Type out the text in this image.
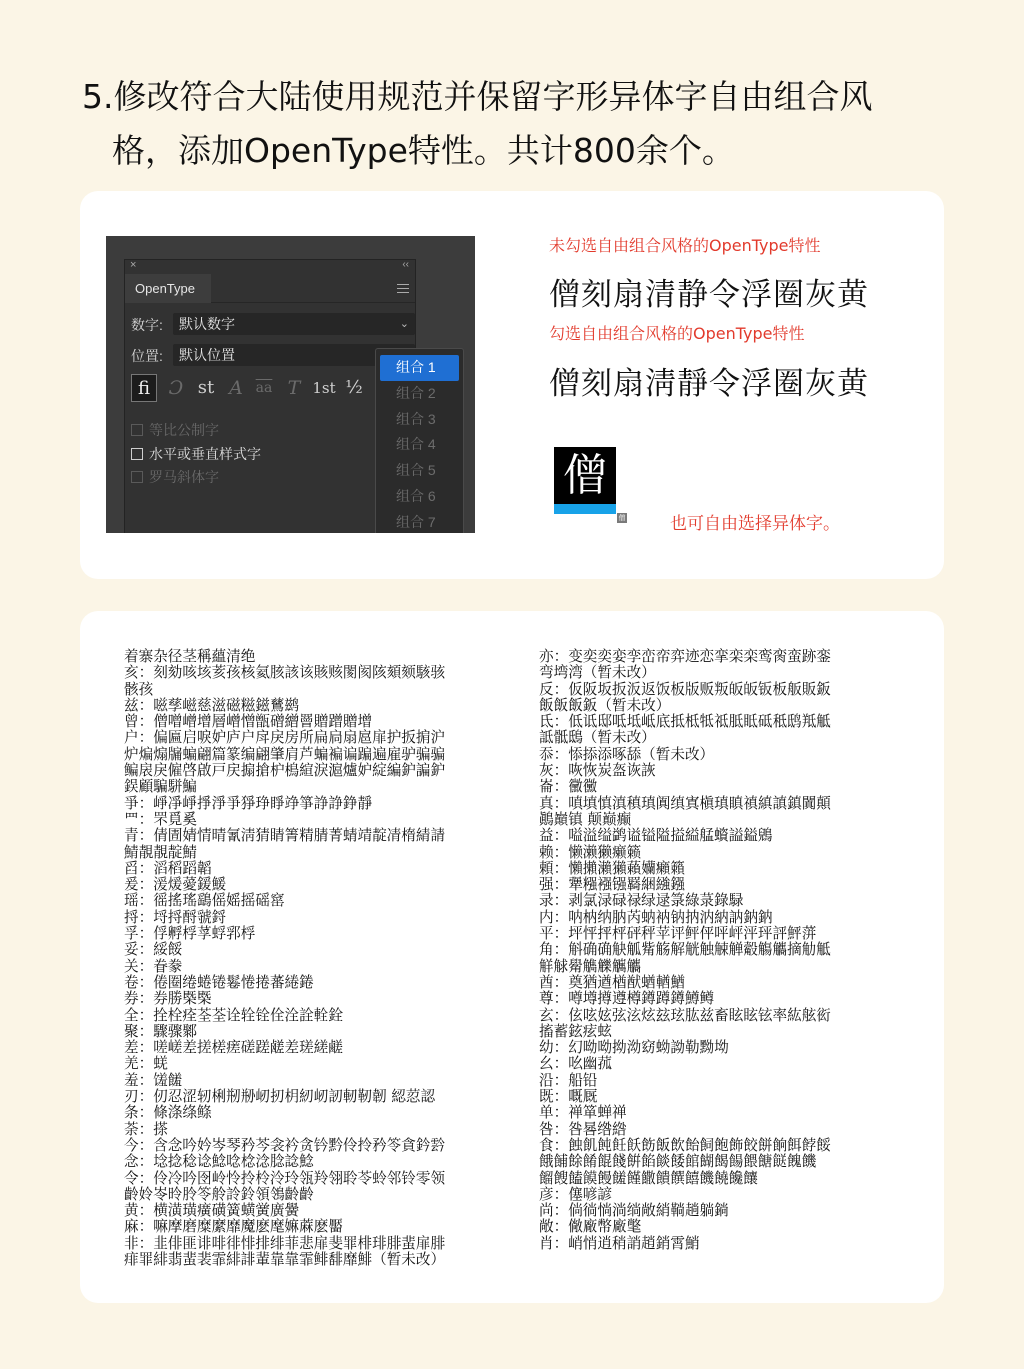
5.修改符合大陆使用规范并保留字形异体字自由组合风
格，添加OpenType特性。共计800余个。
×	‹‹
OpenType
数字:	默认数字	⌄
位置:	默认位置
ﬁ Ɔ st A $\overline{aa}$ T 1st ½
等比公制字
水平或垂直样式字
罗马斜体字
组合 1
组合 2
组合 3
组合 4
组合 5
组合 6
组合 7
未勾选自由组合风格的OpenType特性
僧刻扇清静令浮圈灰黄
勾选自由组合风格的OpenType特性
僧刻扇淸靜令浮圈灰黄
僧
僧	也可自由选择异体字。

着寨杂径茎稱蘊清绝

亥：刻劾咳垓荄孩核氦胲該该賅赅閡阂陔頦颏駭骇

骸孩

兹：嗞孳嵫慈滋磁糍鎡鶿鹚

曾：僧噌嶒增層嶒憎甑磳繒罾贈蹭贈增

户：偏匾启唳妒庐户戽戾房所扁扃扇扈扉护扳掮沪

炉煸煽牖蝙翩篇篆编翩肇肩芦蝙褊谝蹁遍雇驴骗骗

鳊扆戾僱啓啟戸戻搧搶枦樢縇淚滬爐妒綻編鈩諞鈩

鋘顧騙駢鯿

爭：崢凈崢掙淨爭猙琤睜竫箏諍諍錚靜

罒：罘覓奚

青：倩圊婧情晴氰淸猜睛箐精腈菁蜻靖靛凊楕綪請

鯖靚靚靛鯖

舀：滔稻蹈韜

爰：湲煖薆鍰鰀

瑶：徭搖瑤鷂傜媱摇磘窰

捋：埒捋酹虢鋝

孚：俘孵桴莩蜉郛桴

妥：綏餒

关：眷豢

卷：倦圈绻蜷锩鬈惓捲蕃綣錈

券：券勝㮣㮣

全：拴栓痊荃荃诠辁铨佺洤詮輇銓

聚：驟骤鄹

差：嗟嵯差搓槎瘥磋蹉鹾差瑳縒鹺

羌：蜣

羞：馐饈

刃：仞忍涩轫梸剏剙屻扨枂紉屻訒軔靭韌 綛荵認

条：條涤绦鲦

荼：搽

今：含念吟妗岑琴矜芩衾衿贪钤黔伶拎矜笭貪鈐霒

念：埝捻稔谂鯰唸棯淰腍諗鯰

令：伶冷吟囹岭怜拎柃泠玲瓴羚翎聆苓蛉邻铃零领

齡姈岺昤朎笭舲詅鈴領鴒齡齡

黄：横潢璜癀磺簧蟥黉廣黌

麻：嘛摩磨糜縻靡魔麽麾嫲蔴麽靨

非：韭俳匪诽啡徘悱排绯菲悲扉斐罪棑琲腓蜚扉腓

痱罪緋翡蜚裴霏緋誹輩靠靠霏鲱馡靡鯡（暂未改）

亦：变奕奕娈孪峦帟弈迹恋挛栾栾鸾脔蛮跡銮

弯塆湾（暂未改）

反：仮阪坂扳汳返饭板版贩叛皈皈钣板舨販鈑

飯飯飯鈑（暂未改）

氐：低诋邸呧坻岻底抵柢牴祗胝眡砥秪鸱羝觝

詆骶鴟（暂未改）

忝：悿掭添啄舔（暂未改）

灰：咴恢炭盔诙詼

崙：黴黴

真：嗔填慎滇稹瑱阗缜寘槇瑱瞋禛縝謓鎮闐顛

鷆巔镇 颠巅癫

益：嗌溢缢鹢谥镒隘搤縊艋蠀謚鎰鶂

赖：懒濑獭癞籁

頼：懶攋瀨獺藾孏癩籟

强：犟糨襁镪羇綑繈鏹

录：剥氯渌碌禄绿逯箓綠菉錄騄

内：呐枘纳肭芮蚋衲钠抐汭納訥鈉鈉

平：坪怦抨枰砰秤苹评鲆伻呯岼泙玶評鮃蓱

角：斛确确觖觚觜觞解觥触觫觯觳觴觿摘觔觝

觧觩觷觹觻觽觿

酋：奠猶遒楢猷蝤輶鰌

尊：噂墫撙遵樽鐏蹲鐏鱒鳟

玄：伭呟妶弦泫炫玆玹肱兹畜眩眩铉率紘舷衒

搐蓄鉉痃蚿

幼：幻呦呦拗泑窈蚴詏勒黝坳

幺：吆幽菰

沿：船铅

既：嘅厩

单：禅箪蝉禅

咎：咎晷绺綹

食：蝕飢飩飪飫飭飯飲飴飼飽飾餃餅餉餌餑餒

餓餔餘餚餛餞餠餡餤餧館餬餲餳餵餹餸餽饑

餾餿饁饃饅饈饉饊饋饌饎饑饒饞饟

彦：僿喭諺

尚：倘徜惝淌绱敞綃鞝趟躺鋿

敞：僘廠幣廠氅

肖：峭悄逍稍誚趙銷霄鮹
